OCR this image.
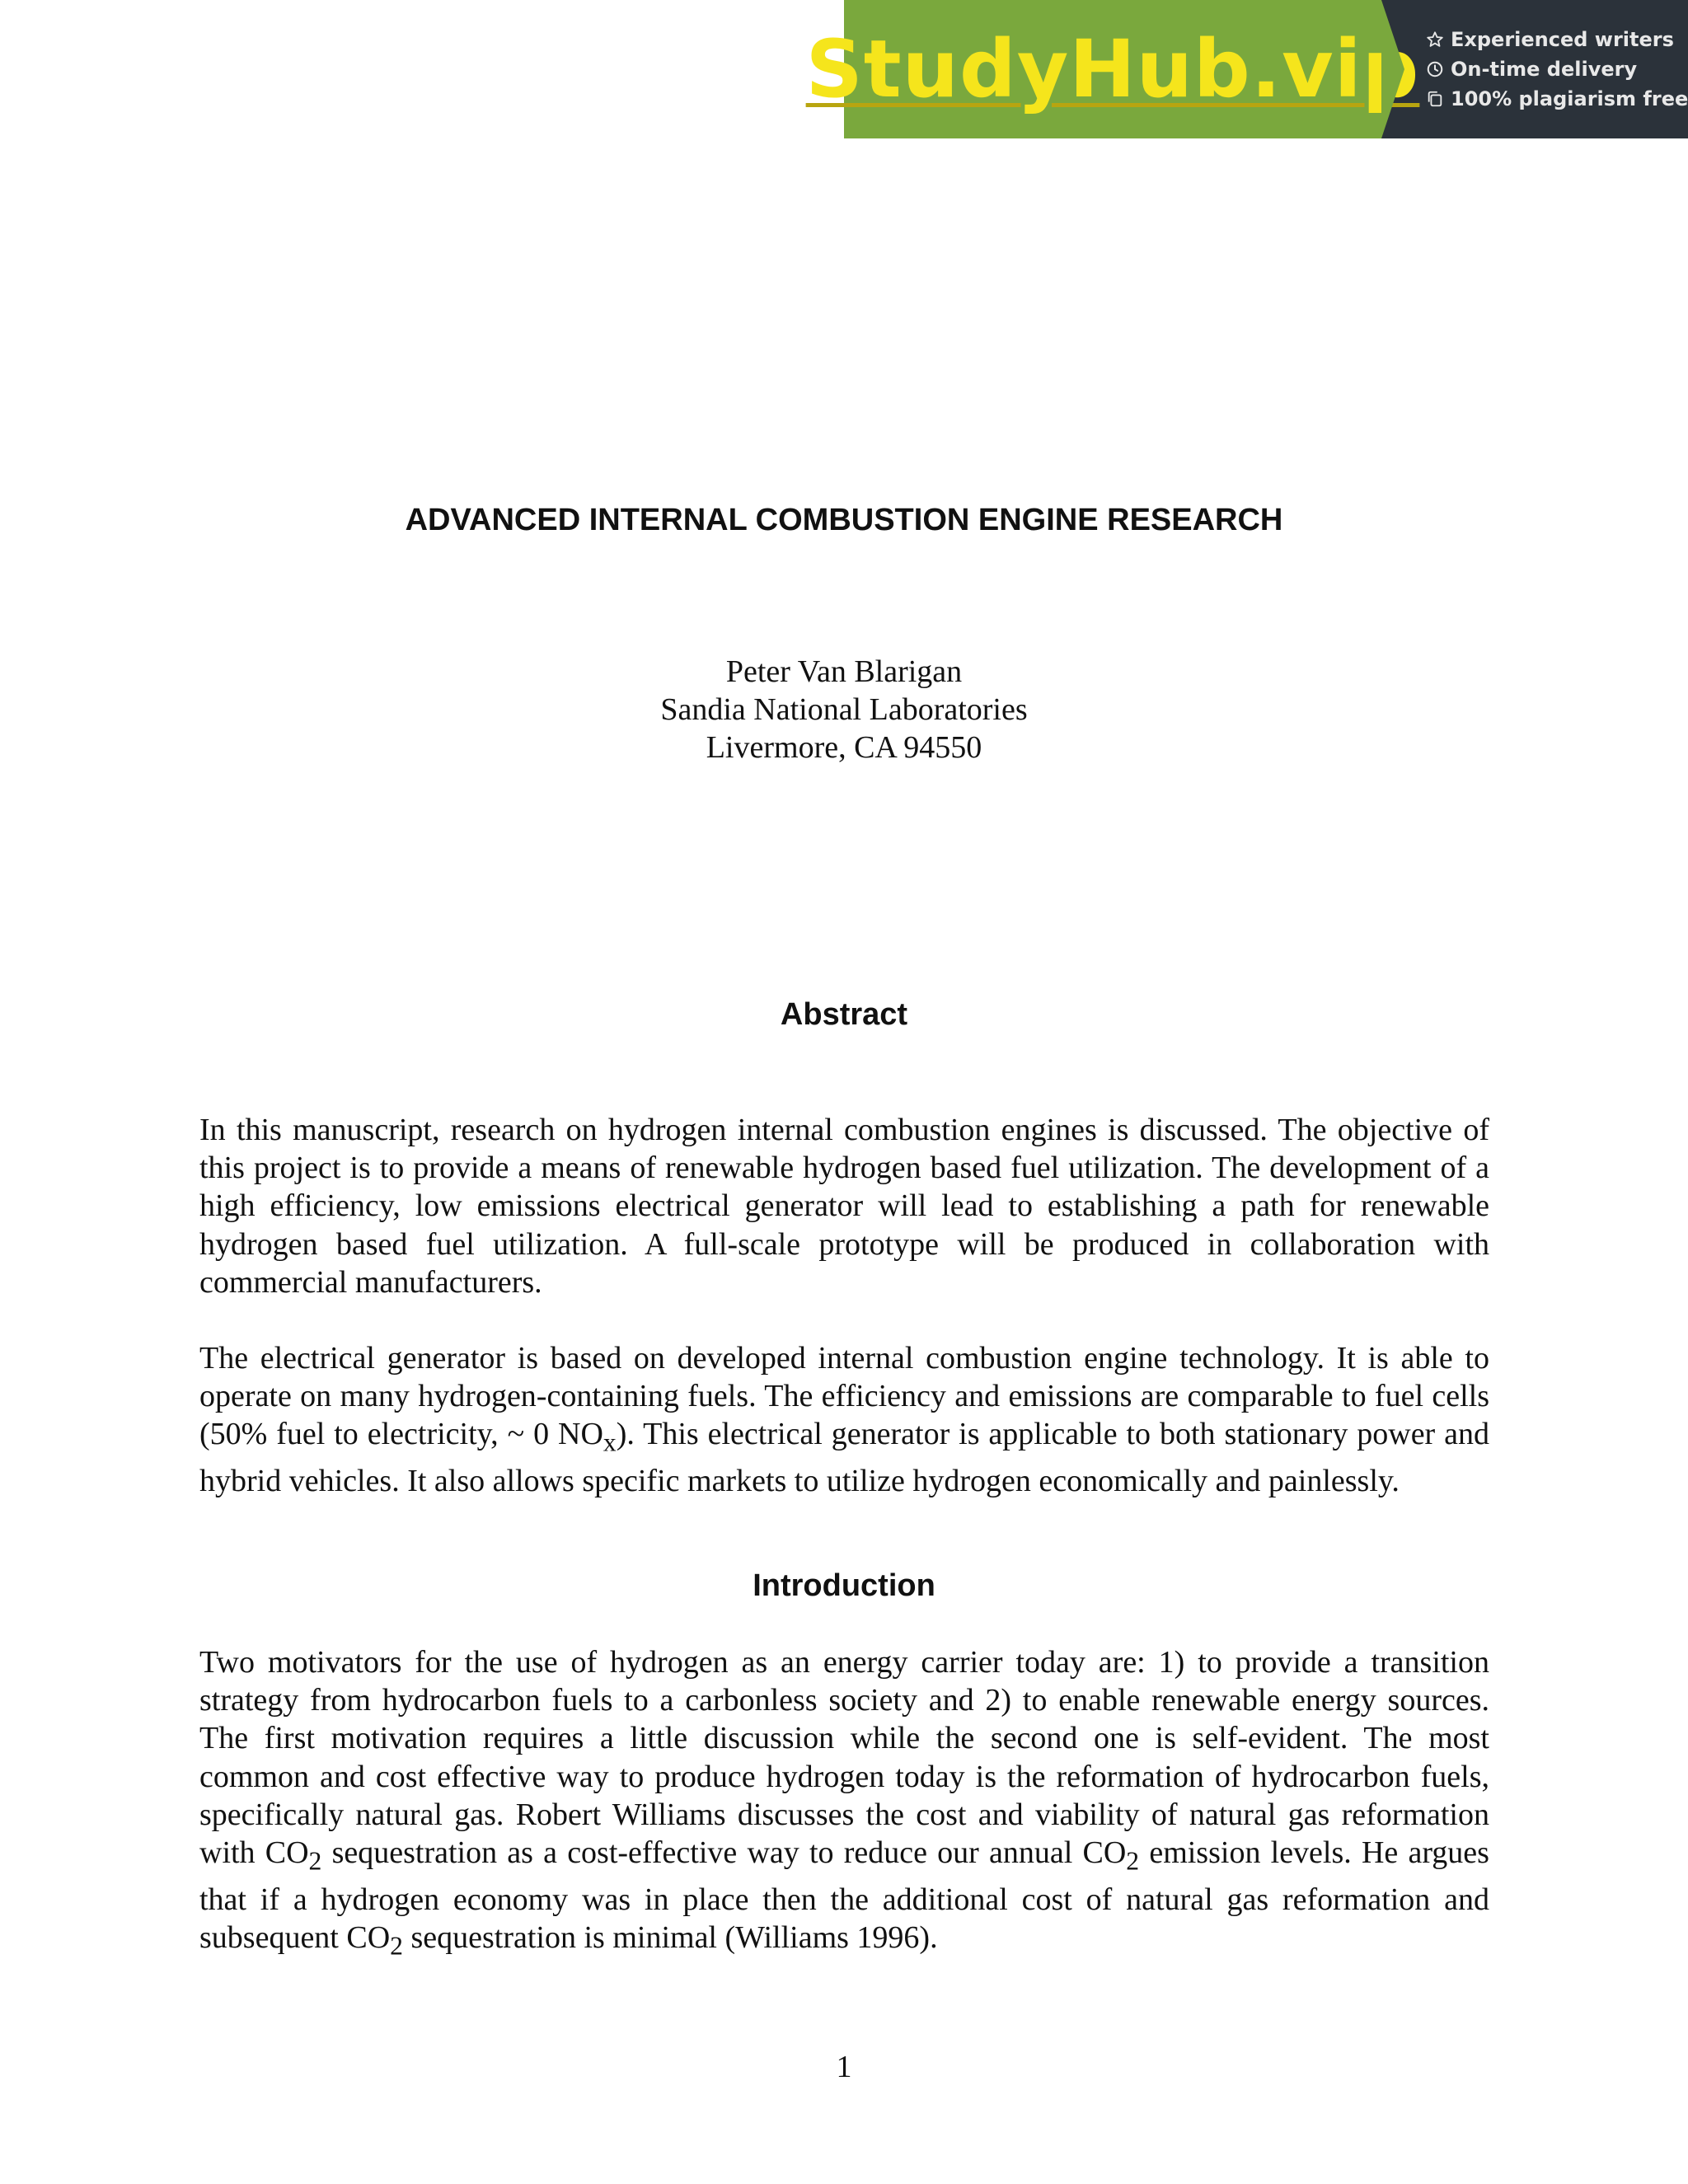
StudyHub.vip Experienced writers
On-time delivery
100% plagiarism free
ADVANCED INTERNAL COMBUSTION ENGINE RESEARCH
Peter Van Blarigan
Sandia National Laboratories
Livermore, CA 94550
Abstract

In this manuscript, research on hydrogen internal combustion engines is discussed. The objective of this project is to provide a means of renewable hydrogen based fuel utilization. The development of a high efficiency, low emissions electrical generator will lead to establishing a path for renewable hydrogen based fuel utilization. A full-scale prototype will be produced in collaboration with commercial manufacturers.

The electrical generator is based on developed internal combustion engine technology. It is able to operate on many hydrogen-containing fuels. The efficiency and emissions are comparable to fuel cells (50% fuel to electricity, ~ 0 $NO_x$). This electrical generator is applicable to both stationary power and hybrid vehicles. It also allows specific markets to utilize hydrogen economically and painlessly.

Introduction

Two motivators for the use of hydrogen as an energy carrier today are: 1) to provide a transition strategy from hydrocarbon fuels to a carbonless society and 2) to enable renewable energy sources. The first motivation requires a little discussion while the second one is self-evident. The most common and cost effective way to produce hydrogen today is the reformation of hydrocarbon fuels, specifically natural gas. Robert Williams discusses the cost and viability of natural gas reformation with $CO_2$ sequestration as a cost-effective way to reduce our annual $CO_2$ emission levels. He argues that if a hydrogen economy was in place then the additional cost of natural gas reformation and subsequent $CO_2$ sequestration is minimal (Williams 1996).

1
